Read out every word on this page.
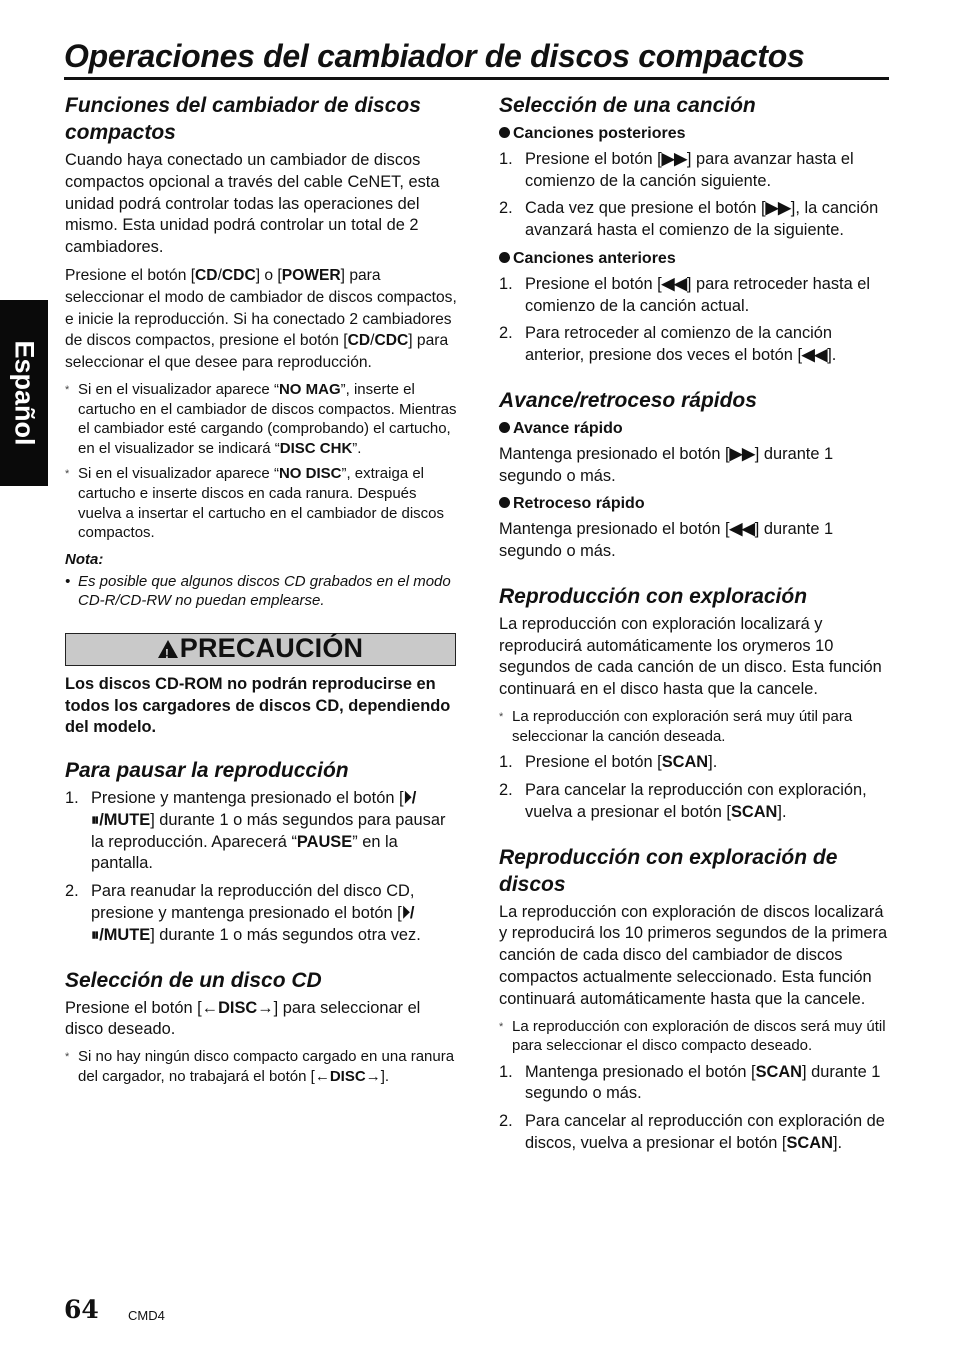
Operaciones del cambiador de discos compactos
Español
Funciones del cambiador de discos compactos

Cuando haya conectado un cambiador de discos compactos opcional a través del cable CeNET, esta unidad podrá controlar todas las operaciones del mismo. Esta unidad podrá controlar un total de 2 cambiadores.

Presione el botón [CD/CDC] o [POWER] para seleccionar el modo de cambiador de discos compactos, e inicie la reproducción. Si ha conectado 2 cambiadores de discos compactos, presione el botón [CD/CDC] para seleccionar el que desee para reproducción.

* Si en el visualizador aparece “NO MAG”, inserte el cartucho en el cambiador de discos compactos. Mientras el cambiador esté cargando (comprobando) el cartucho, en el visualizador se indicará “DISC CHK”.

* Si en el visualizador aparece “NO DISC”, extraiga el cartucho e inserte discos en cada ranura. Después vuelva a insertar el cartucho en el cambiador de discos compactos.

Nota:

• Es posible que algunos discos CD grabados en el modo CD-R/CD-RW no puedan emplearse.

!
PRECAUCIÓN

Los discos CD-ROM no podrán reproducirse en todos los cargadores de discos CD, dependiendo del modelo.

Para pausar la reproducción
1. Presione y mantenga presionado el botón [⏵/⏸/MUTE] durante 1 o más segundos para pausar la reproducción. Aparecerá “PAUSE” en la pantalla.
2. Para reanudar la reproducción del disco CD, presione y mantenga presionado el botón [⏵/⏸/MUTE] durante 1 o más segundos otra vez.
Selección de un disco CD

Presione el botón [←DISC→] para seleccionar el disco deseado.

* Si no hay ningún disco compacto cargado en una ranura del cargador, no trabajará el botón [←DISC→].

Selección de una canción
Canciones posteriores
1. Presione el botón [▶▶] para avanzar hasta el comienzo de la canción siguiente.
2. Cada vez que presione el botón [▶▶], la canción avanzará hasta el comienzo de la siguiente.
Canciones anteriores
1. Presione el botón [◀◀] para retroceder hasta el comienzo de la canción actual.
2. Para retroceder al comienzo de la canción anterior, presione dos veces el botón [◀◀].
Avance/retroceso rápidos
Avance rápido

Mantenga presionado el botón [▶▶] durante 1 segundo o más.

Retroceso rápido

Mantenga presionado el botón [◀◀] durante 1 segundo o más.

Reproducción con exploración

La reproducción con exploración localizará y reproducirá automáticamente los orymeros 10 segundos de cada canción de un disco. Esta función continuará en el disco hasta que la cancele.

* La reproducción con exploración será muy útil para seleccionar la canción deseada.

1. Presione el botón [SCAN].
2. Para cancelar la reproducción con exploración, vuelva a presionar el botón [SCAN].
Reproducción con exploración de discos

La reproducción con exploración de discos localizará y reproducirá los 10 primeros segundos de la primera canción de cada disco del cambiador de discos compactos actualmente seleccionado. Esta función continuará automáticamente hasta que la cancele.

* La reproducción con exploración de discos será muy útil para seleccionar el disco compacto deseado.

1. Mantenga presionado el botón [SCAN] durante 1 segundo o más.
2. Para cancelar al reproducción con exploración de discos, vuelva a presionar el botón [SCAN].
64 CMD4
